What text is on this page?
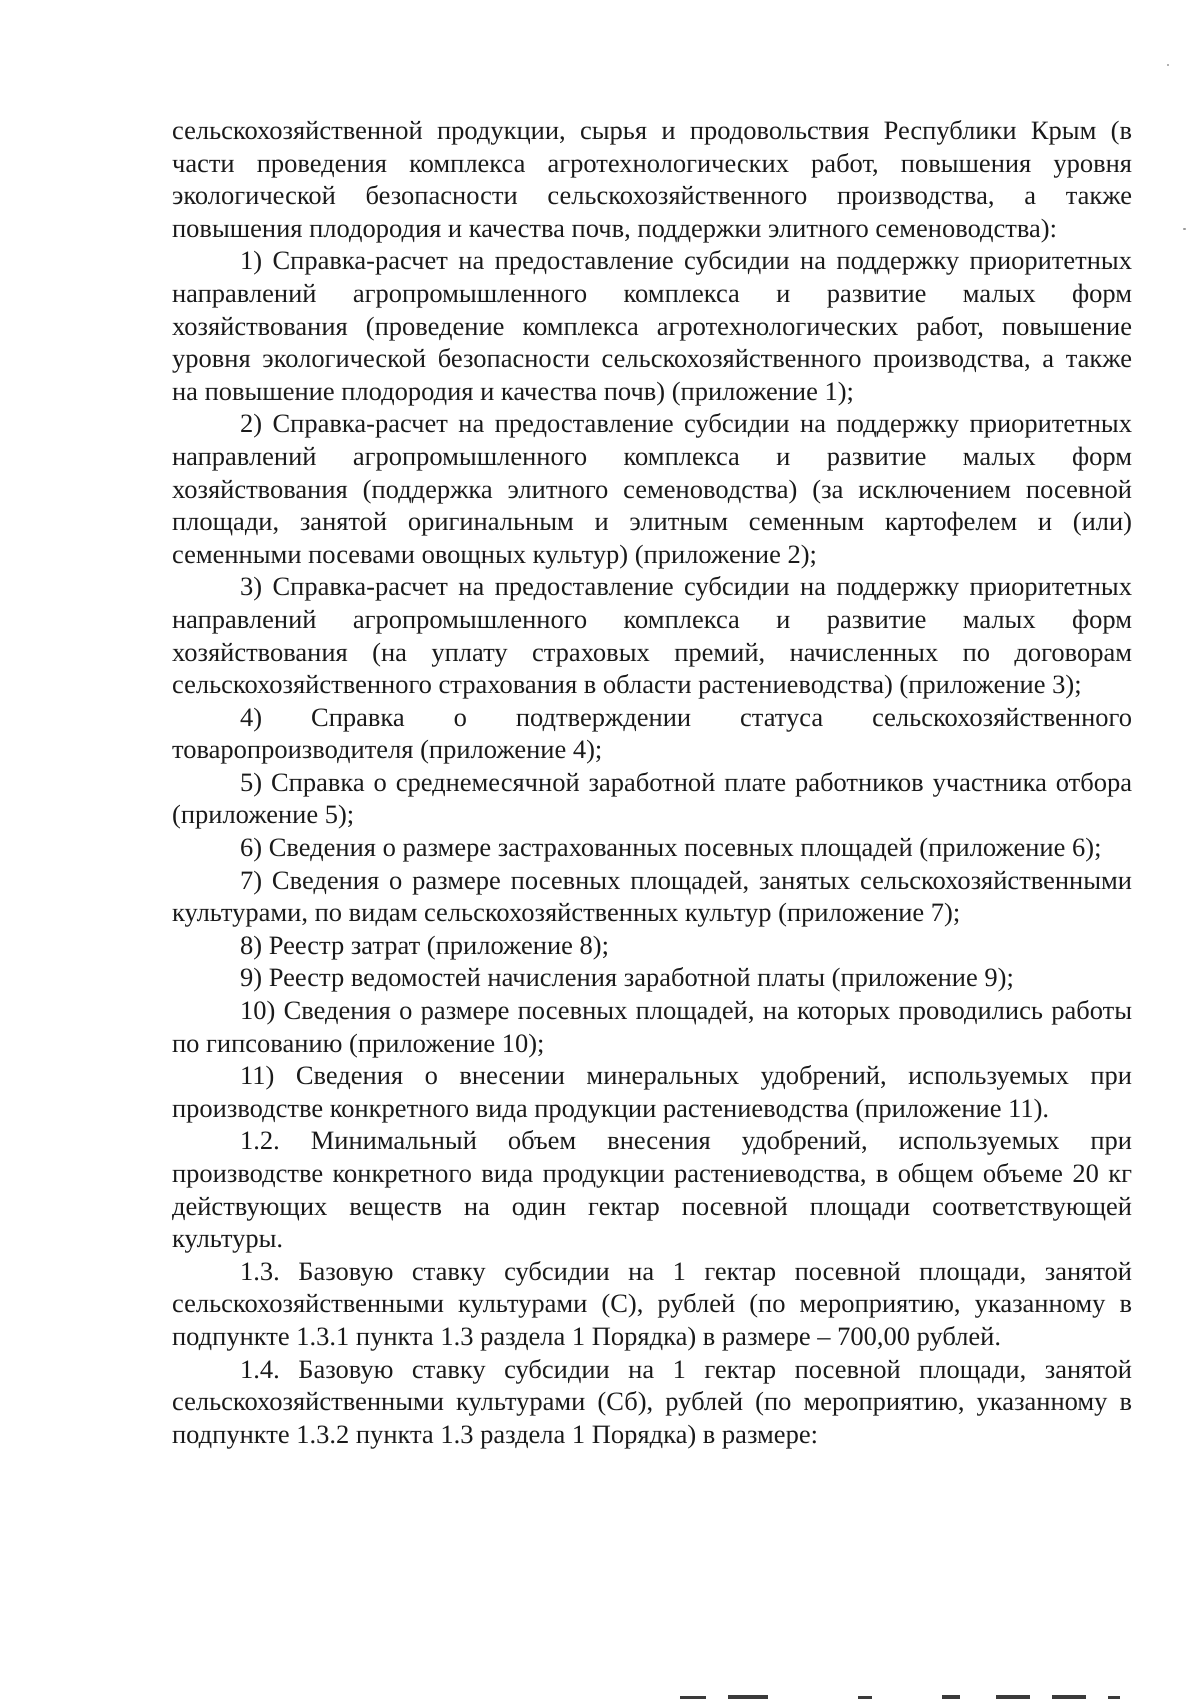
сельскохозяйственной продукции, сырья и продовольствия Республики Крым (в части проведения комплекса агротехнологических работ, повышения уровня экологической безопасности сельскохозяйственного производства, а также повышения плодородия и качества почв, поддержки элитного семеноводства):

1) Справка-расчет на предоставление субсидии на поддержку приоритетных направлений агропромышленного комплекса и развитие малых форм хозяйствования (проведение комплекса агротехнологических работ, повышение уровня экологической безопасности сельскохозяйственного производства, а также на повышение плодородия и качества почв) (приложение 1);

2) Справка-расчет на предоставление субсидии на поддержку приоритетных направлений агропромышленного комплекса и развитие малых форм хозяйствования (поддержка элитного семеноводства) (за исключением посевной площади, занятой оригинальным и элитным семенным картофелем и (или) семенными посевами овощных культур) (приложение 2);

3) Справка-расчет на предоставление субсидии на поддержку приоритетных направлений агропромышленного комплекса и развитие малых форм хозяйствования (на уплату страховых премий, начисленных по договорам сельскохозяйственного страхования в области растениеводства) (приложение 3);

4) Справка о подтверждении статуса сельскохозяйственного товаропроизводителя (приложение 4);

5) Справка о среднемесячной заработной плате работников участника отбора (приложение 5);

6) Сведения о размере застрахованных посевных площадей (приложение 6);

7) Сведения о размере посевных площадей, занятых сельскохозяйственными культурами, по видам сельскохозяйственных культур (приложение 7);

8) Реестр затрат (приложение 8);

9) Реестр ведомостей начисления заработной платы (приложение 9);

10) Сведения о размере посевных площадей, на которых проводились работы по гипсованию (приложение 10);

11) Сведения о внесении минеральных удобрений, используемых при производстве конкретного вида продукции растениеводства (приложение 11).

1.2. Минимальный объем внесения удобрений, используемых при производстве конкретного вида продукции растениеводства, в общем объеме 20 кг действующих веществ на один гектар посевной площади соответствующей культуры.

1.3. Базовую ставку субсидии на 1 гектар посевной площади, занятой сельскохозяйственными культурами (С), рублей (по мероприятию, указанному в подпункте 1.3.1 пункта 1.3 раздела 1 Порядка) в размере – 700,00 рублей.

1.4. Базовую ставку субсидии на 1 гектар посевной площади, занятой сельскохозяйственными культурами (Сб), рублей (по мероприятию, указанному в подпункте 1.3.2 пункта 1.3 раздела 1 Порядка) в размере:
